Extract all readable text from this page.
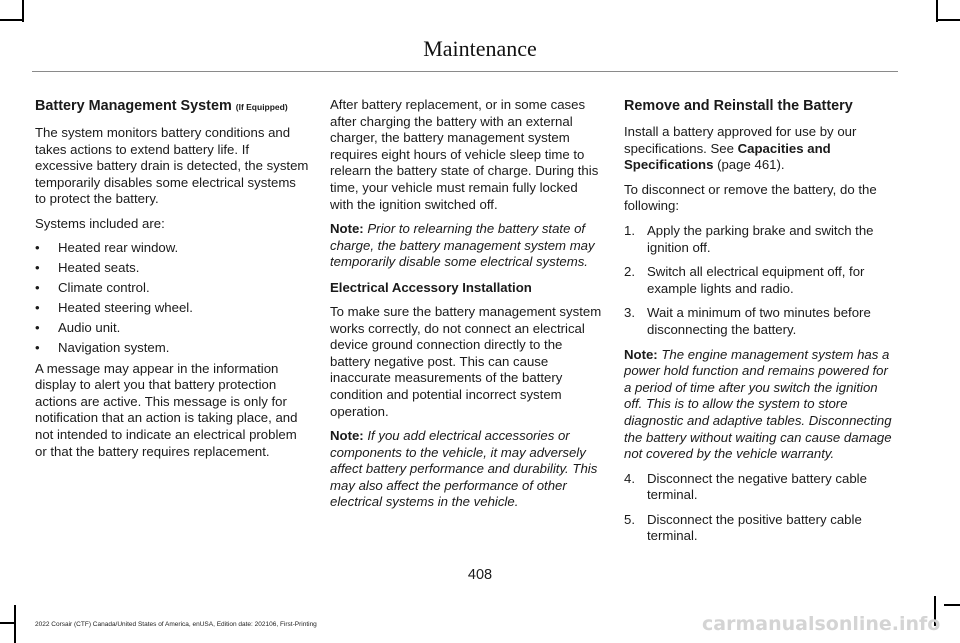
Maintenance
Battery Management System (If Equipped)

The system monitors battery conditions and takes actions to extend battery life. If excessive battery drain is detected, the system temporarily disables some electrical systems to protect the battery.

Systems included are:

• Heated rear window.
• Heated seats.
• Climate control.
• Heated steering wheel.
• Audio unit.
• Navigation system.

A message may appear in the information display to alert you that battery protection actions are active. This message is only for notification that an action is taking place, and not intended to indicate an electrical problem or that the battery requires replacement.

After battery replacement, or in some cases after charging the battery with an external charger, the battery management system requires eight hours of vehicle sleep time to relearn the battery state of charge. During this time, your vehicle must remain fully locked with the ignition switched off.

Note: Prior to relearning the battery state of charge, the battery management system may temporarily disable some electrical systems.

Electrical Accessory Installation

To make sure the battery management system works correctly, do not connect an electrical device ground connection directly to the battery negative post. This can cause inaccurate measurements of the battery condition and potential incorrect system operation.

Note: If you add electrical accessories or components to the vehicle, it may adversely affect battery performance and durability. This may also affect the performance of other electrical systems in the vehicle.

Remove and Reinstall the Battery

Install a battery approved for use by our specifications. See Capacities and Specifications (page 461).

To disconnect or remove the battery, do the following:

1. Apply the parking brake and switch the ignition off.
2. Switch all electrical equipment off, for example lights and radio.
3. Wait a minimum of two minutes before disconnecting the battery.

Note: The engine management system has a power hold function and remains powered for a period of time after you switch the ignition off. This is to allow the system to store diagnostic and adaptive tables. Disconnecting the battery without waiting can cause damage not covered by the vehicle warranty.

4. Disconnect the negative battery cable terminal.
5. Disconnect the positive battery cable terminal.
408
2022 Corsair (CTF) Canada/United States of America, enUSA, Edition date: 202106, First-Printing	carmanualsonline.info
